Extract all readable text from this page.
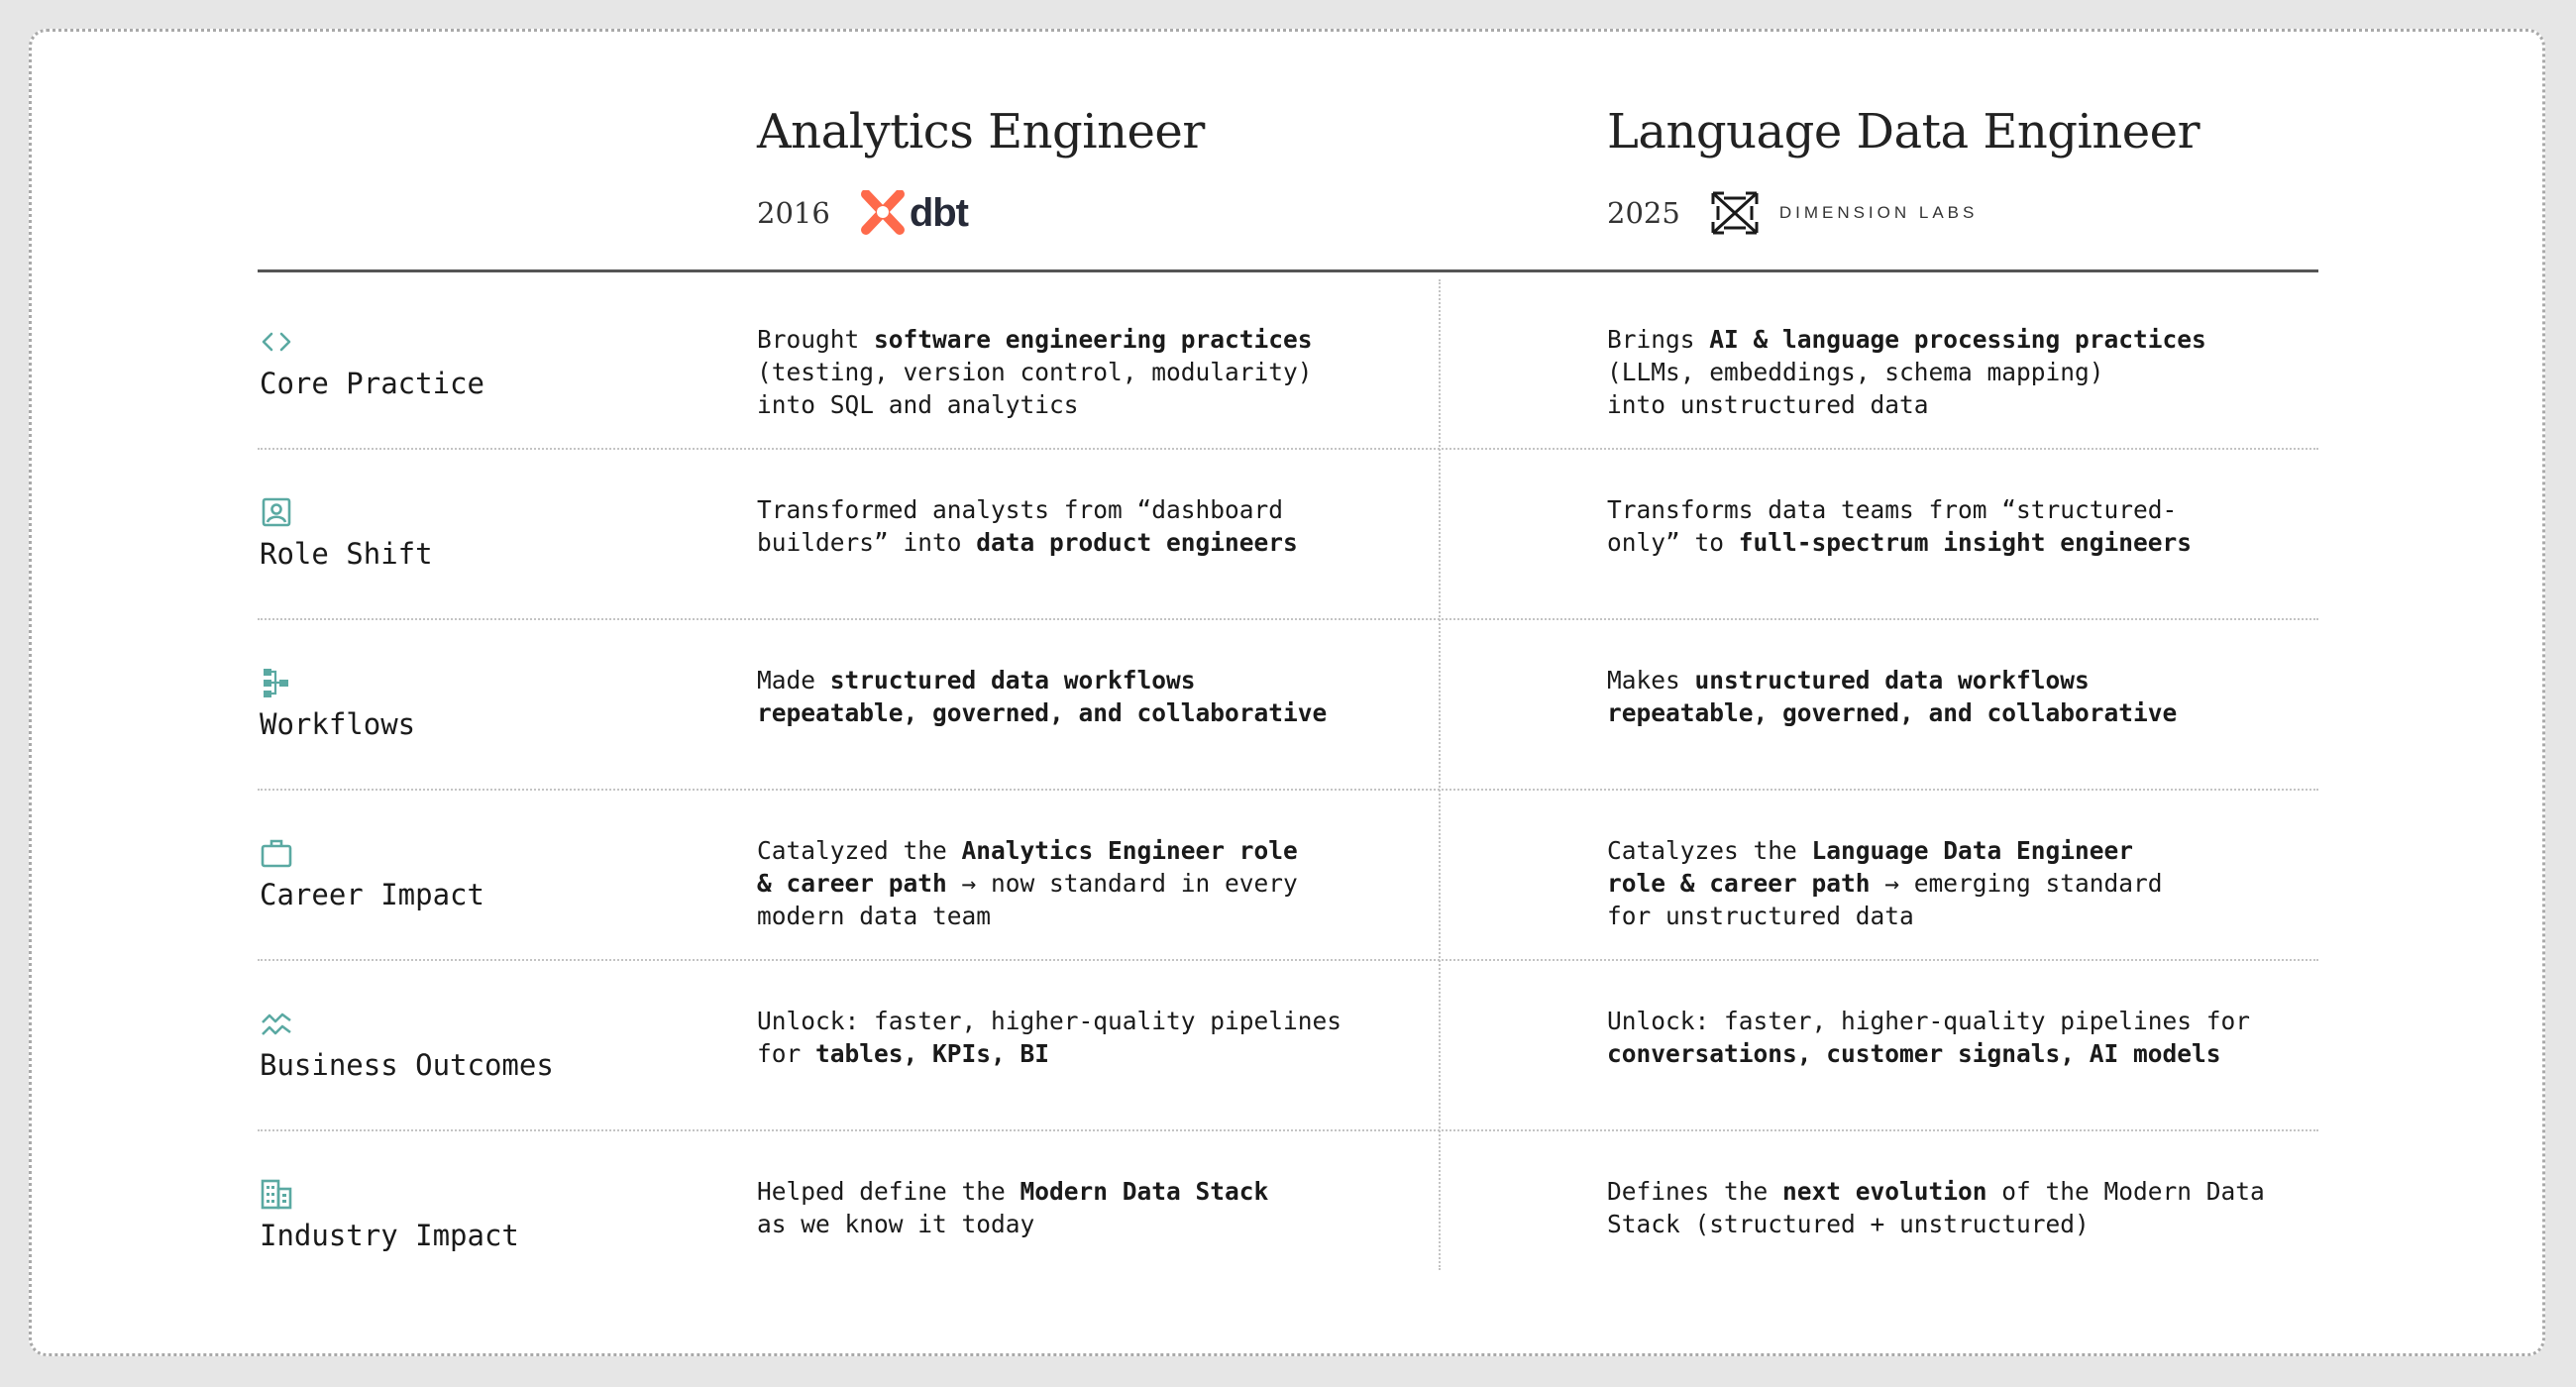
Analytics Engineer
2016 dbt
Language Data Engineer
2025	DIMENSION LABS
Core Practice
Brought software engineering practices
(testing, version control, modularity)
into SQL and analytics
Brings AI & language processing practices
(LLMs, embeddings, schema mapping)
into unstructured data
Role Shift
Transformed analysts from “dashboard
builders” into data product engineers
Transforms data teams from “structured-
only” to full-spectrum insight engineers
Workflows
Made structured data workflows
repeatable, governed, and collaborative
Makes unstructured data workflows
repeatable, governed, and collaborative
Career Impact
Catalyzed the Analytics Engineer role
& career path → now standard in every
modern data team
Catalyzes the Language Data Engineer
role & career path → emerging standard
for unstructured data
Business Outcomes
Unlock: faster, higher-quality pipelines
for tables, KPIs, BI
Unlock: faster, higher-quality pipelines for
conversations, customer signals, AI models
Industry Impact
Helped define the Modern Data Stack
as we know it today
Defines the next evolution of the Modern Data
Stack (structured + unstructured)
